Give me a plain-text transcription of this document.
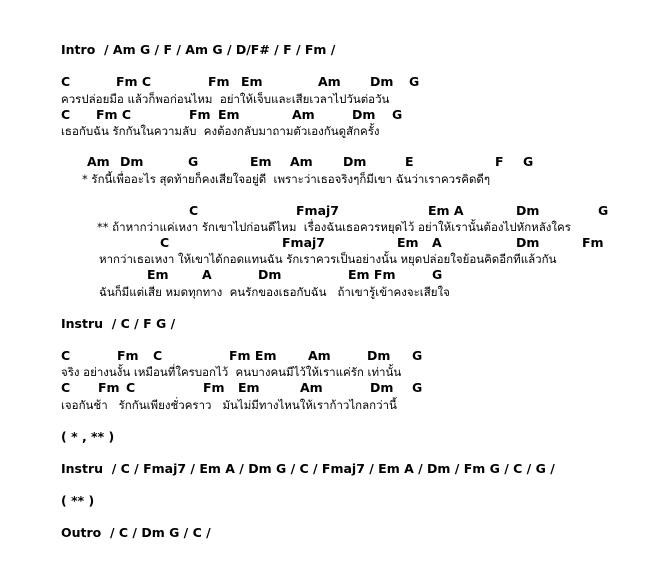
Intro  / Am G / F / Am G / D/F# / F / Fm /
C	Fm C	Fm Em	Am Dm G
ควรปล่อยมือ แล้วก็พอก่อนไหม  อย่าให้เจ็บและเสียเวลาไปวันต่อวัน
C Fm C	Fm Em	Am	Dm G
เธอกับฉัน รักกันในความลับ  คงต้องกลับมาถามตัวเองกันดูสักครั้ง
Am Dm	G	Em Am Dm	E	F G
* รักนี้เพื่ออะไร สุดท้ายก็คงเสียใจอยู่ดี  เพราะว่าเธอจริงๆก็มีเขา ฉันว่าเราควรคิดดีๆ
C	Fmaj7	Em A	Dm	G
** ถ้าหากว่าแค่เหงา รักเขาไปก่อนดีไหม  เรื่องฉันเธอควรหยุดไว้ อย่าให้เรานั้นต้องไปหักหลังใคร
C	Fmaj7	Em A	Dm	Fm
หากว่าเธอเหงา ให้เขาได้กอดแทนฉัน รักเราควรเป็นอย่างนั้น หยุดปล่อยใจย้อนคิดอีกทีแล้วกัน
Em	A	Dm	Em Fm	G
ฉันก็มีแต่เสีย หมดทุกทาง  คนรักของเธอกับฉัน   ถ้าเขารู้เข้าคงจะเสียใจ
Instru  / C / F G /
C	Fm C	Fm Em	Am	Dm G
จริง อย่างนงั้น เหมือนที่ใครบอกไว้  คนบางคนมีไว้ให้เราแค่รัก เท่านั้น
C Fm C	Fm Em	Am	Dm G
เจอกันช้า   รักกันเพียงชั่วคราว   มันไม่มีทางไหนให้เราก้าวไกลกว่านี้
( * , ** )
Instru  / C / Fmaj7 / Em A / Dm G / C / Fmaj7 / Em A / Dm / Fm G / C / G /
( ** )
Outro  / C / Dm G / C /
